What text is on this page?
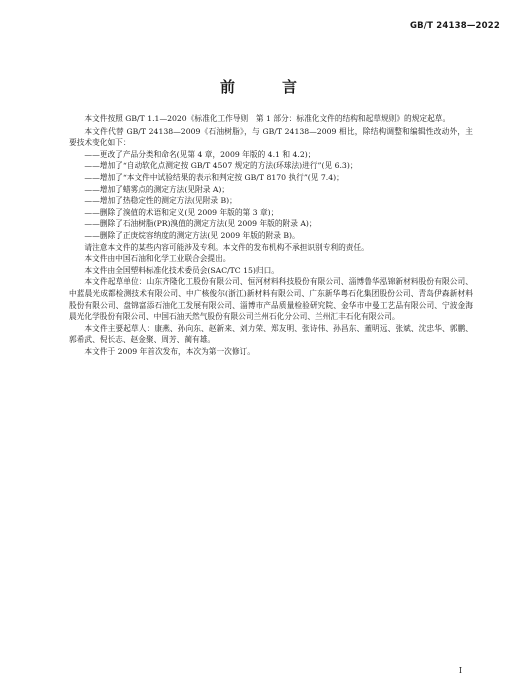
GB/T 24138—2022
前　言

本文件按照 GB/T 1.1—2020《标准化工作导则　第 1 部分：标准化文件的结构和起草规则》的规定起草。

本文件代替 GB/T 24138—2009《石油树脂》，与 GB/T 24138—2009 相比，除结构调整和编辑性改动外，主要技术变化如下：

——更改了产品分类和命名(见第 4 章，2009 年版的 4.1 和 4.2)；
——增加了“自动软化点测定按 GB/T 4507 规定的方法(环球法)进行”(见 6.3)；
——增加了“本文件中试验结果的表示和判定按 GB/T 8170 执行”(见 7.4)；
——增加了蜡雾点的测定方法(见附录 A)；
——增加了热稳定性的测定方法(见附录 B)；
——删除了溴值的术语和定义(见 2009 年版的第 3 章)；
——删除了石油树脂(PR)溴值的测定方法(见 2009 年版的附录 A)；
——删除了正庚烷容纳度的测定方法(见 2009 年版的附录 B)。

请注意本文件的某些内容可能涉及专利。本文件的发布机构不承担识别专利的责任。

本文件由中国石油和化学工业联合会提出。

本文件由全国塑料标准化技术委员会(SAC/TC 15)归口。

本文件起草单位：山东齐隆化工股份有限公司、恒河材料科技股份有限公司、淄博鲁华泓锦新材料股份有限公司、中蓝晨光成都检测技术有限公司、中广核俊尔(浙江)新材料有限公司、广东新华粤石化集团股份公司、青岛伊森新材料股份有限公司、盘锦富添石油化工发展有限公司、淄博市产品质量检验研究院、金华市中曼工艺品有限公司、宁波金海晨光化学股份有限公司、中国石油天然气股份有限公司兰州石化分公司、兰州汇丰石化有限公司。

本文件主要起草人：康燕、孙向东、赵新来、刘力荣、郑友明、张诗伟、孙昌东、董明远、张斌、沈忠华、郭鹏、郭希武、倪长志、赵金聚、周芳、蔺有雄。

本文件于 2009 年首次发布，本次为第一次修订。

I
